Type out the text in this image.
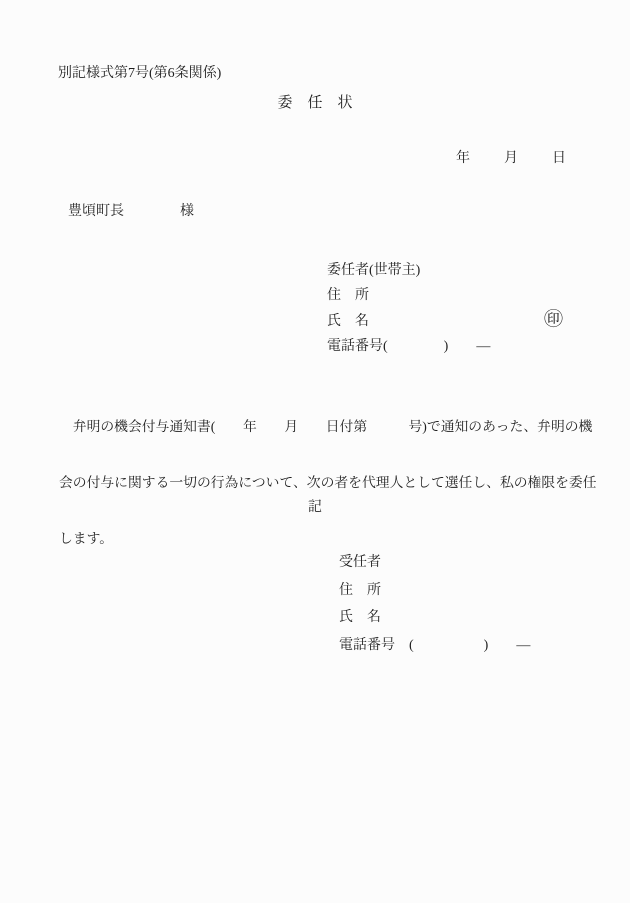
別記様式第7号(第6条関係)
委　任　状
年　　月　　日
豊頃町長　　　　様
委任者(世帯主)
住　所
氏　名
電話番号(　　　　)　　—
㊞

　弁明の機会付与通知書(　　年　　月　　日付第　　　号)で通知のあった、弁明の機

会の付与に関する一切の行為について、次の者を代理人として選任し、私の権限を委任

します。

記
受任者
住　所
氏　名
電話番号　(　　　　　)　　—
